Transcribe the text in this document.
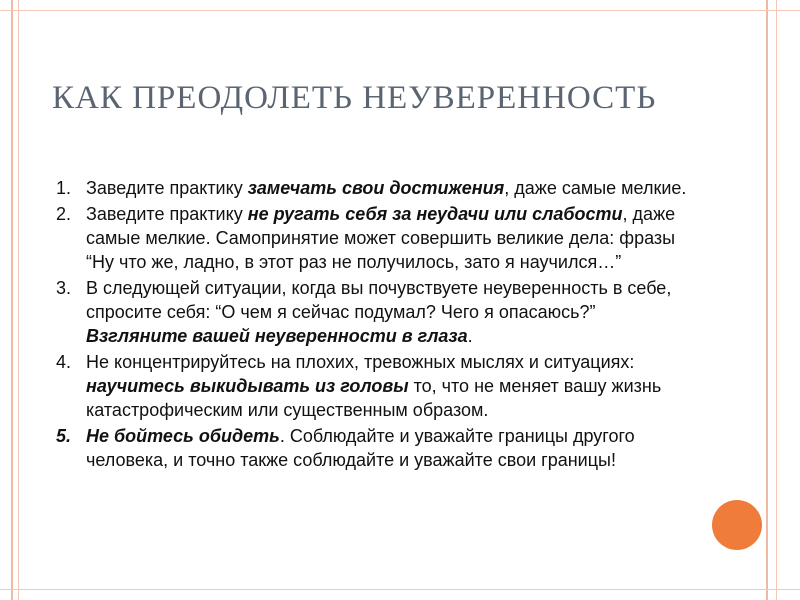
КАК ПРЕОДОЛЕТЬ НЕУВЕРЕННОСТЬ
1. Заведите практику замечать свои достижения, даже самые мелкие.
2. Заведите практику не ругать себя за неудачи или слабости, даже самые мелкие. Самопринятие может совершить великие дела: фразы “Ну что же, ладно, в этот раз не получилось, зато я научился…”
3. В следующей ситуации, когда вы почувствуете неуверенность в себе, спросите себя: “О чем я сейчас подумал? Чего я опасаюсь?” Взгляните вашей неуверенности в глаза.
4. Не концентрируйтесь на плохих, тревожных мыслях и ситуациях: научитесь выкидывать из головы то, что не меняет вашу жизнь катастрофическим или существенным образом.
5. Не бойтесь обидеть. Соблюдайте и уважайте границы другого человека, и точно также соблюдайте и уважайте свои границы!
